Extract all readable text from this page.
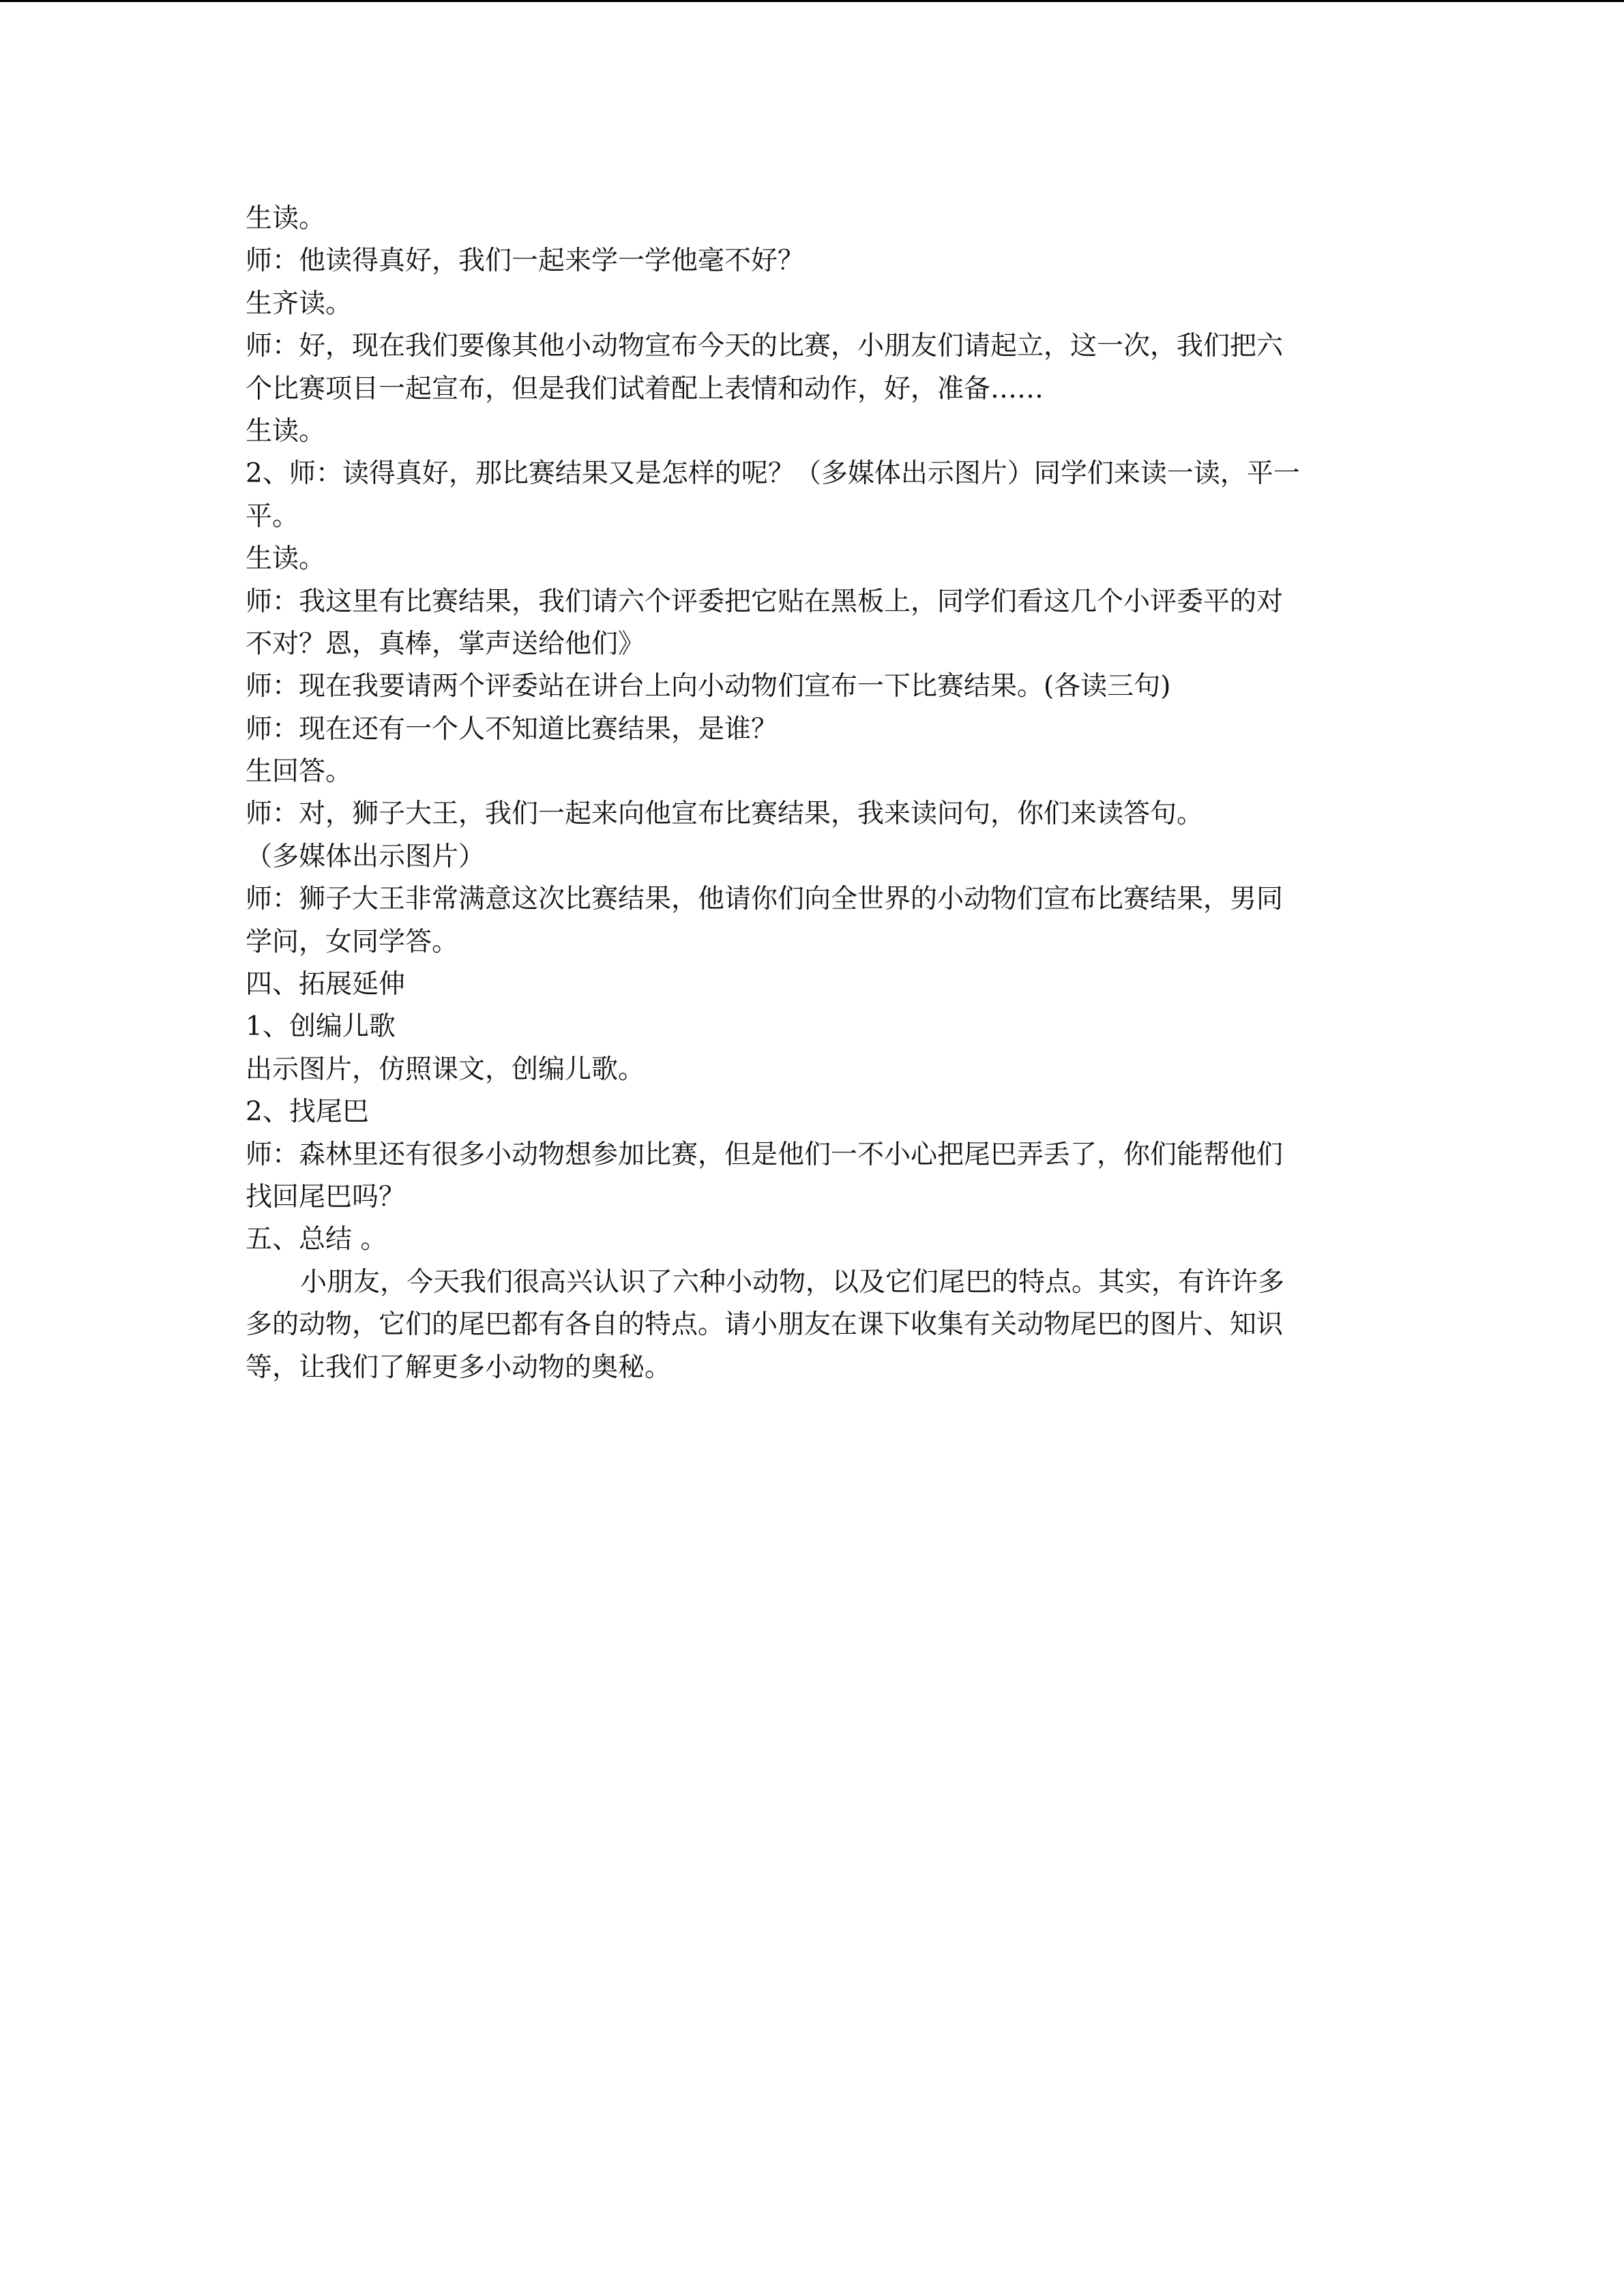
生读。
师：他读得真好，我们一起来学一学他毫不好？
生齐读。
师：好，现在我们要像其他小动物宣布今天的比赛，小朋友们请起立，这一次，我们把六
个比赛项目一起宣布，但是我们试着配上表情和动作，好，准备……
生读。
2、师：读得真好，那比赛结果又是怎样的呢？（多媒体出示图片）同学们来读一读，平一
平。
生读。
师：我这里有比赛结果，我们请六个评委把它贴在黑板上，同学们看这几个小评委平的对
不对？恩，真棒，掌声送给他们》
师：现在我要请两个评委站在讲台上向小动物们宣布一下比赛结果。(各读三句)
师：现在还有一个人不知道比赛结果，是谁？
生回答。
师：对，狮子大王，我们一起来向他宣布比赛结果，我来读问句，你们来读答句。
（多媒体出示图片）
师：狮子大王非常满意这次比赛结果，他请你们向全世界的小动物们宣布比赛结果，男同
学问，女同学答。
四、拓展延伸
1、创编儿歌
出示图片，仿照课文，创编儿歌。
2、找尾巴
师：森林里还有很多小动物想参加比赛，但是他们一不小心把尾巴弄丢了，你们能帮他们
找回尾巴吗？
五、总结 。
小朋友，今天我们很高兴认识了六种小动物，以及它们尾巴的特点。其实，有许许多
多的动物，它们的尾巴都有各自的特点。请小朋友在课下收集有关动物尾巴的图片、知识
等，让我们了解更多小动物的奥秘。
